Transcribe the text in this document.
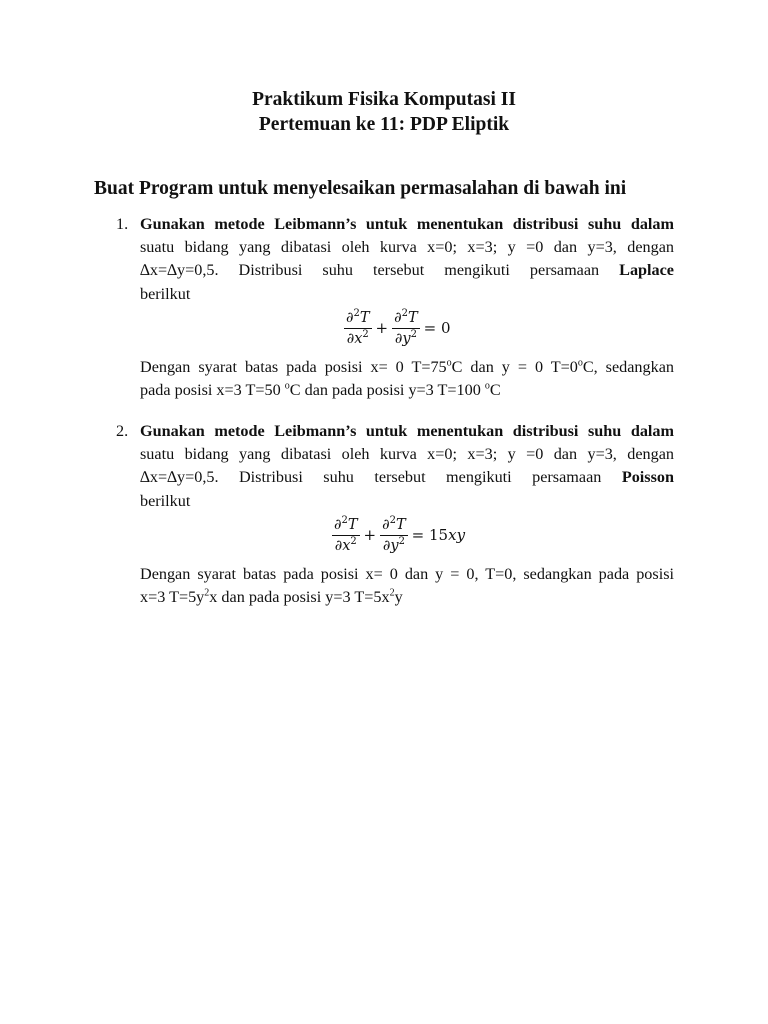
Praktikum Fisika Komputasi II
Pertemuan ke 11: PDP Eliptik
Buat Program untuk menyelesaikan permasalahan di bawah ini
1. Gunakan metode Leibmann’s untuk menentukan distribusi suhu dalam
suatu bidang yang dibatasi oleh kurva x=0; x=3; y =0 dan y=3, dengan
∆x=∆y=0,5. Distribusi suhu tersebut mengikuti persamaan Laplace
berilkut
$\frac{\partial^2T}{\partial x^2} + \frac{\partial^2T}{\partial y^2} = 0$
Dengan syarat batas pada posisi x= 0 $T=75^oC$ dan y = 0 $T=0^oC$, sedangkan
pada posisi x=3 T=50 $^o$C dan pada posisi y=3 T=100 $^o$C
2. Gunakan metode Leibmann’s untuk menentukan distribusi suhu dalam
suatu bidang yang dibatasi oleh kurva x=0; x=3; y =0 dan y=3, dengan
∆x=∆y=0,5. Distribusi suhu tersebut mengikuti persamaan Poisson
berilkut
$\frac{\partial^2T}{\partial x^2} + \frac{\partial^2T}{\partial y^2} = 15xy$
Dengan syarat batas pada posisi x= 0 dan y = 0, T=0, sedangkan pada posisi
x=3 $T=5y^2x$ dan pada posisi y=3 $T=5x^2y$
